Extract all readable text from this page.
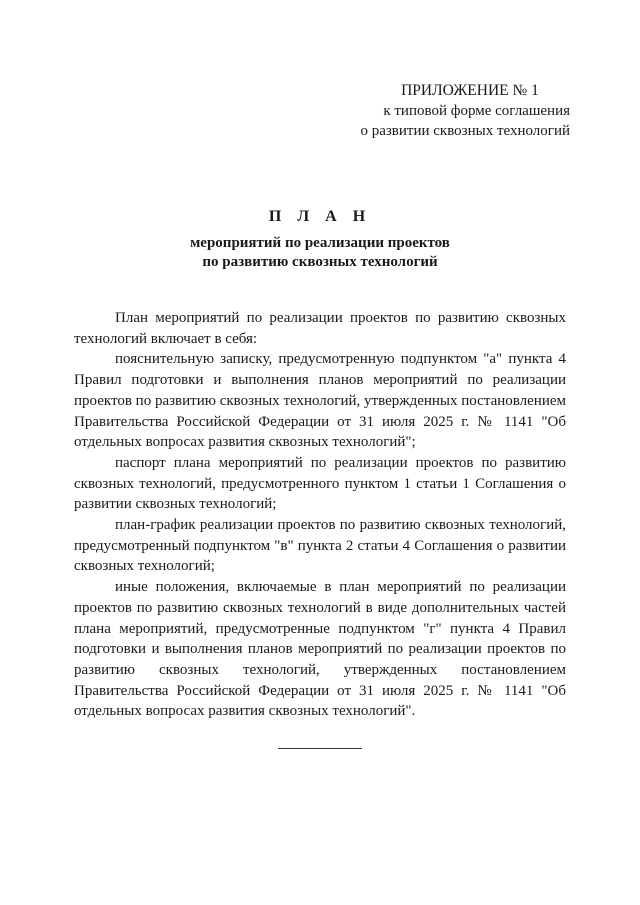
ПРИЛОЖЕНИЕ № 1
к типовой форме соглашения
о развитии сквозных технологий
П Л А Н
мероприятий по реализации проектов
по развитию сквозных технологий

План мероприятий по реализации проектов по развитию сквозных технологий включает в себя:

пояснительную записку, предусмотренную подпунктом "а" пункта 4 Правил подготовки и выполнения планов мероприятий по реализации проектов по развитию сквозных технологий, утвержденных постановлением Правительства Российской Федерации от 31 июля 2025 г. № 1141 "Об отдельных вопросах развития сквозных технологий";

паспорт плана мероприятий по реализации проектов по развитию сквозных технологий, предусмотренного пунктом 1 статьи 1 Соглашения о развитии сквозных технологий;

план-график реализации проектов по развитию сквозных технологий, предусмотренный подпунктом "в" пункта 2 статьи 4 Соглашения о развитии сквозных технологий;

иные положения, включаемые в план мероприятий по реализации проектов по развитию сквозных технологий в виде дополнительных частей плана мероприятий, предусмотренные подпунктом "г" пункта 4 Правил подготовки и выполнения планов мероприятий по реализации проектов по развитию сквозных технологий, утвержденных постановлением Правительства Российской Федерации от 31 июля 2025 г. № 1141 "Об отдельных вопросах развития сквозных технологий".
